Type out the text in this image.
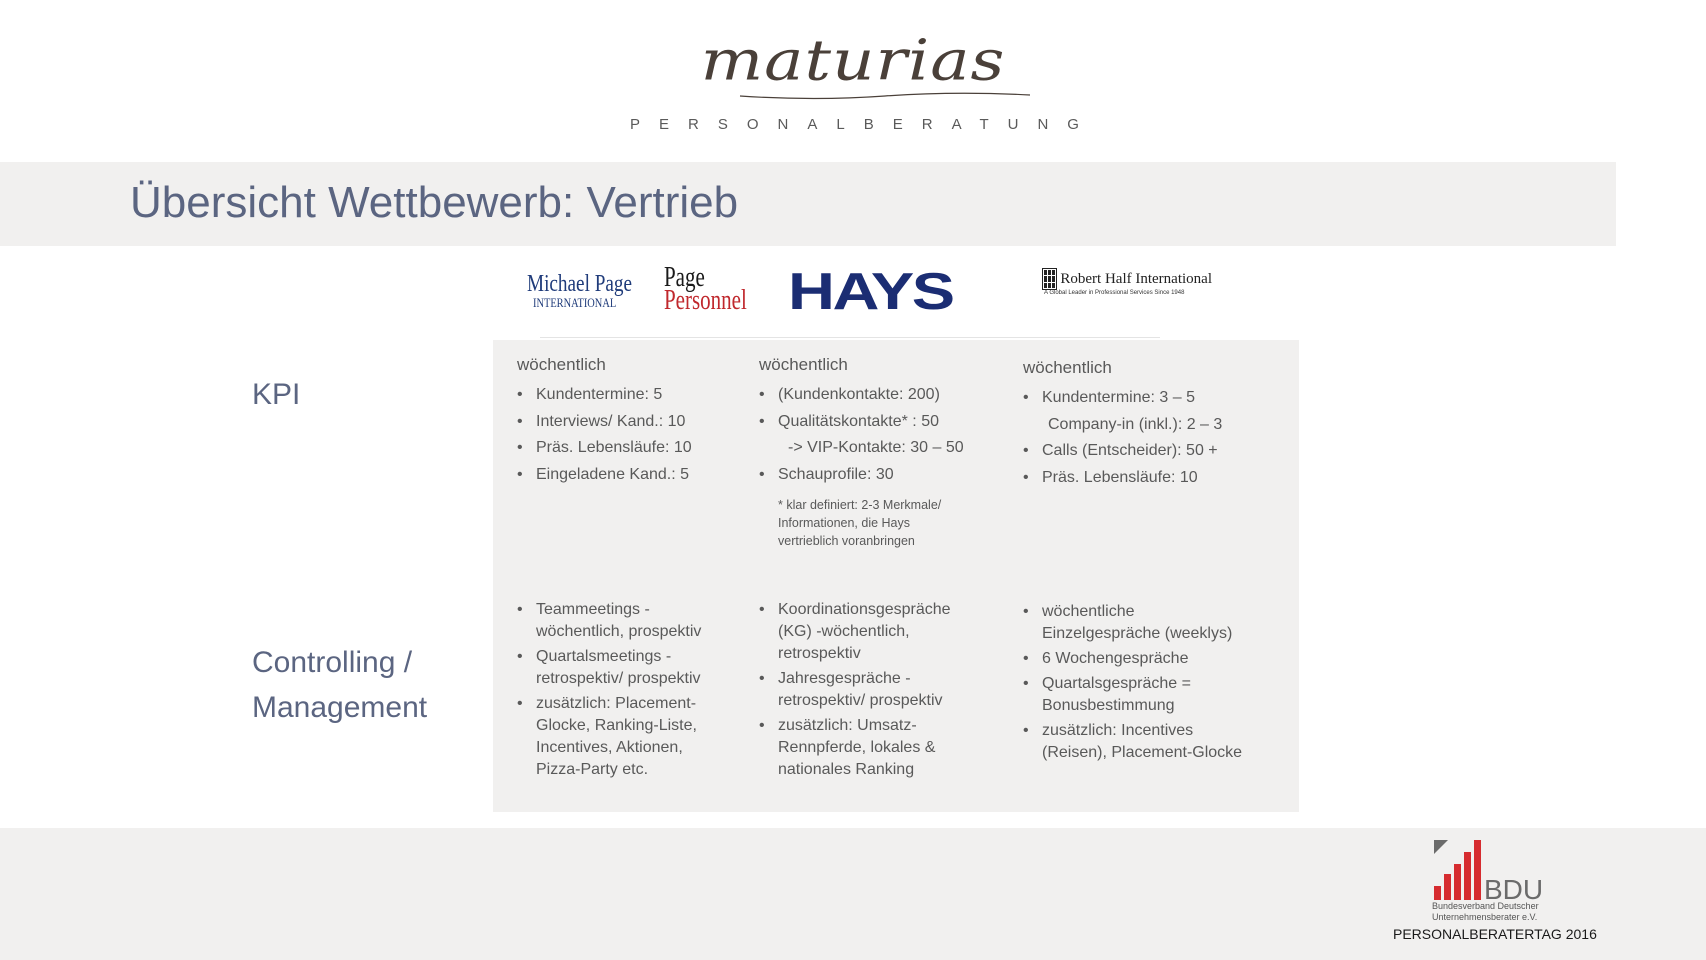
maturias
PERSONALBERATUNG
Übersicht Wettbewerb: Vertrieb
Michael Page
INTERNATIONAL
Page
Personnel HAYS	Robert Half International
A Global Leader in Professional Services Since 1948
KPI
Controlling /
Management
wöchentlich
• Kundentermine: 5
• Interviews/ Kand.: 10
• Präs. Lebensläufe: 10
• Eingeladene Kand.: 5
wöchentlich
• (Kundenkontakte: 200)
• Qualitätskontakte* : 50
-> VIP-Kontakte: 30 – 50
• Schauprofile: 30
* klar definiert: 2-3 Merkmale/
Informationen, die Hays
vertrieblich voranbringen
wöchentlich
• Kundentermine: 3 – 5
Company-in (inkl.): 2 – 3
• Calls (Entscheider): 50 +
• Präs. Lebensläufe: 10
• Teammeetings -
wöchentlich, prospektiv
• Quartalsmeetings -
retrospektiv/ prospektiv
• zusätzlich: Placement-
Glocke, Ranking-Liste,
Incentives, Aktionen,
Pizza-Party etc.
• Koordinationsgespräche
(KG) -wöchentlich,
retrospektiv
• Jahresgespräche -
retrospektiv/ prospektiv
• zusätzlich: Umsatz-
Rennpferde, lokales &
nationales Ranking
• wöchentliche
Einzelgespräche (weeklys)
• 6 Wochengespräche
• Quartalsgespräche =
Bonusbestimmung
• zusätzlich: Incentives
(Reisen), Placement-Glocke
BDU
Bundesverband Deutscher
Unternehmensberater e.V.
PERSONALBERATERTAG 2016
